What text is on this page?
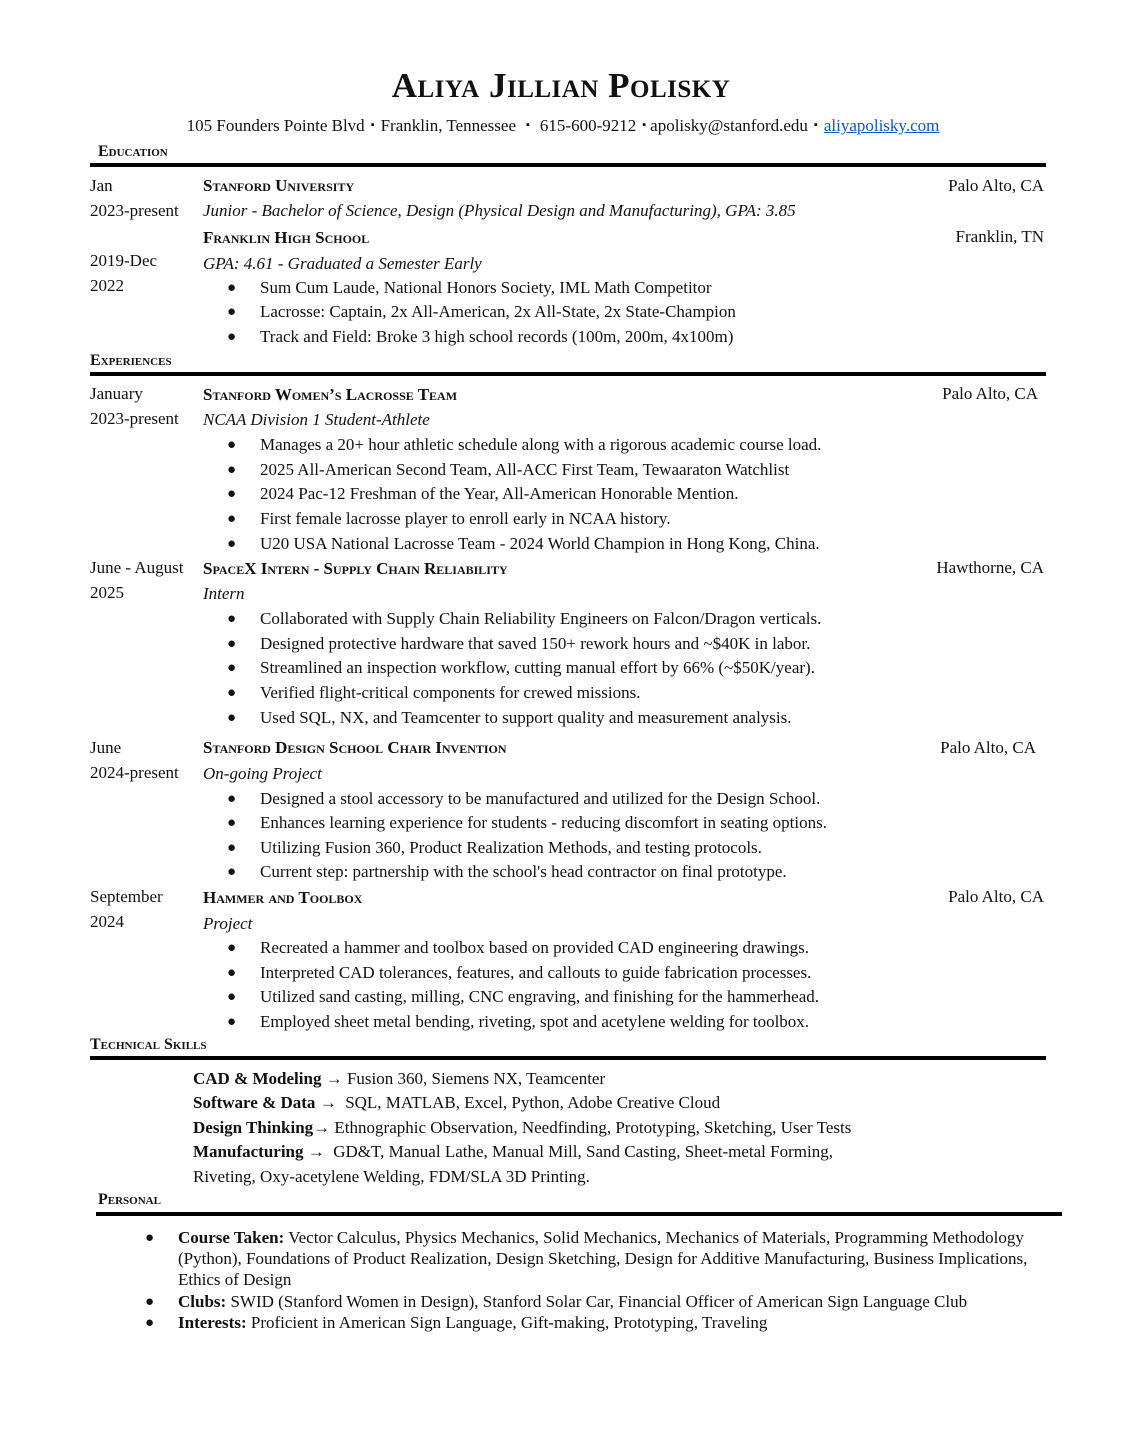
Aliya Jillian Polisky
105 Founders Pointe Blvd ▪ Franklin, Tennessee ▪ 615-600-9212 ▪ apolisky@stanford.edu ▪ aliyapolisky.com
Education
Jan
2023-present
Stanford University	Palo Alto, CA
Junior - Bachelor of Science, Design (Physical Design and Manufacturing), GPA: 3.85
2019-Dec
2022
Franklin High School	Franklin, TN
GPA: 4.61 - Graduated a Semester Early
● Sum Cum Laude, National Honors Society, IML Math Competitor
● Lacrosse: Captain, 2x All-American, 2x All-State, 2x State-Champion
● Track and Field: Broke 3 high school records (100m, 200m, 4x100m)
Experiences
January
2023-present
Stanford Women’s Lacrosse Team	Palo Alto, CA
NCAA Division 1 Student-Athlete
● Manages a 20+ hour athletic schedule along with a rigorous academic course load.
● 2025 All-American Second Team, All-ACC First Team, Tewaaraton Watchlist
● 2024 Pac-12 Freshman of the Year, All-American Honorable Mention.
● First female lacrosse player to enroll early in NCAA history.
● U20 USA National Lacrosse Team - 2024 World Champion in Hong Kong, China.
June - August
2025
SpaceX Intern - Supply Chain Reliability	Hawthorne, CA
Intern
● Collaborated with Supply Chain Reliability Engineers on Falcon/Dragon verticals.
● Designed protective hardware that saved 150+ rework hours and ~$40K in labor.
● Streamlined an inspection workflow, cutting manual effort by 66% (~$50K/year).
● Verified flight-critical components for crewed missions.
● Used SQL, NX, and Teamcenter to support quality and measurement analysis.
June
2024-present
Stanford Design School Chair Invention	Palo Alto, CA
On-going Project
● Designed a stool accessory to be manufactured and utilized for the Design School.
● Enhances learning experience for students - reducing discomfort in seating options.
● Utilizing Fusion 360, Product Realization Methods, and testing protocols.
● Current step: partnership with the school's head contractor on final prototype.
September
2024
Hammer and Toolbox	Palo Alto, CA
Project
● Recreated a hammer and toolbox based on provided CAD engineering drawings.
● Interpreted CAD tolerances, features, and callouts to guide fabrication processes.
● Utilized sand casting, milling, CNC engraving, and finishing for the hammerhead.
● Employed sheet metal bending, riveting, spot and acetylene welding for toolbox.
Technical Skills
CAD & Modeling → Fusion 360, Siemens NX, Teamcenter
Software & Data → SQL, MATLAB, Excel, Python, Adobe Creative Cloud
Design Thinking→ Ethnographic Observation, Needfinding, Prototyping, Sketching, User Tests
Manufacturing → GD&T, Manual Lathe, Manual Mill, Sand Casting, Sheet-metal Forming,
Riveting, Oxy-acetylene Welding, FDM/SLA 3D Printing.
Personal
● Course Taken: Vector Calculus, Physics Mechanics, Solid Mechanics, Mechanics of Materials, Programming Methodology (Python), Foundations of Product Realization, Design Sketching, Design for Additive Manufacturing, Business Implications, Ethics of Design
● Clubs: SWID (Stanford Women in Design), Stanford Solar Car, Financial Officer of American Sign Language Club
● Interests: Proficient in American Sign Language, Gift-making, Prototyping, Traveling
